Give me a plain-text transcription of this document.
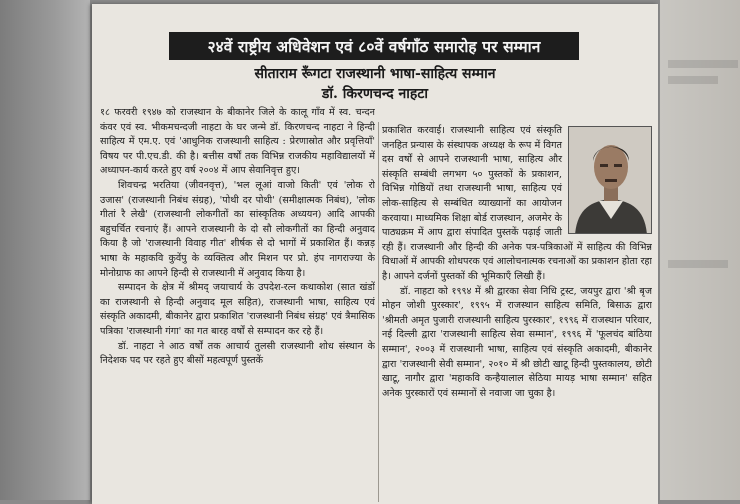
२४वें राष्ट्रीय अधिवेशन एवं ८०वें वर्षगाँठ समारोह पर सम्मान
सीताराम रूँगटा राजस्थानी भाषा-साहित्य सम्मान
डॉ. किरणचन्द नाहटा

१८ फरवरी १९४७ को राजस्थान के बीकानेर जिले के कालू गाँव में स्व. चन्दन कंवर एवं स्व. भीकमचन्दजी नाहटा के घर जन्मे डॉ. किरणचन्द नाहटा ने हिन्दी साहित्य में एम.ए. एवं 'आधुनिक राजस्थानी साहित्य : प्रेरणास्रोत और प्रवृत्तियाँ' विषय पर पी.एच.डी. की है। बत्तीस वर्षों तक विभिन्न राजकीय महाविद्यालयों में अध्यापन-कार्य करते हुए वर्ष २००४ में आप सेवानिवृत्त हुए।

शिवचन्द्र भरतिया (जीवनवृत्त), 'भल लूआं वाजो किती' एवं 'लोक रो उजास' (राजस्थानी निबंध संग्रह), 'पोथी दर पोथी' (समीक्षात्मक निबंध), 'लोक गीतां रै लेखै' (राजस्थानी लोकगीतों का सांस्कृतिक अध्ययन) आदि आपकी बहुचर्चित रचनाएं हैं। आपने राजस्थानी के दो सौ लोकगीतों का हिन्दी अनुवाद किया है जो 'राजस्थानी विवाह गीत' शीर्षक से दो भागों में प्रकाशित हैं। कन्नड़ भाषा के महाकवि कुवेंपु के व्यक्तित्व और मिशन पर प्रो. हंप नागराज्या के मोनोग्राफ का आपने हिन्दी से राजस्थानी में अनुवाद किया है।

सम्पादन के क्षेत्र में श्रीमद् जयाचार्य के उपदेश-रत्न कथाकोश (सात खंडों का राजस्थानी से हिन्दी अनुवाद मूल सहित), राजस्थानी भाषा, साहित्य एवं संस्कृति अकादमी, बीकानेर द्वारा प्रकाशित 'राजस्थानी निबंध संग्रह' एवं त्रैमासिक पत्रिका 'राजस्थानी गंगा' का गत बारह वर्षों से सम्पादन कर रहे हैं।

डॉ. नाहटा ने आठ वर्षों तक आचार्य तुलसी राजस्थानी शोध संस्थान के निदेशक पद पर रहते हुए बीसों महत्वपूर्ण पुस्तकें

प्रकाशित करवाई। राजस्थानी साहित्य एवं संस्कृति जनहित प्रन्यास के संस्थापक अध्यक्ष के रूप में विगत दस वर्षों से आपने राजस्थानी भाषा, साहित्य और संस्कृति सम्बंधी लगभग ५० पुस्तकों के प्रकाशन, विभिन्न गोष्ठियों तथा राजस्थानी भाषा, साहित्य एवं लोक-साहित्य से सम्बंधित व्याख्यानों का आयोजन करवाया। माध्यमिक शिक्षा बोर्ड राजस्थान, अजमेर के पाठ्यक्रम में आप द्वारा संपादित पुस्तकें पढ़ाई जाती रही हैं। राजस्थानी और हिन्दी की अनेक पत्र-पत्रिकाओं में साहित्य की विभिन्न विधाओं में आपकी शोधपरक एवं आलोचनात्मक रचनाओं का प्रकाशन होता रहा है। आपने दर्जनों पुस्तकों की भूमिकाएँ लिखी हैं।

डॉ. नाहटा को १९९४ में श्री द्वारका सेवा निधि ट्रस्ट, जयपुर द्वारा 'श्री बृज मोहन जोशी पुरस्कार', १९९५ में राजस्थान साहित्य समिति, बिसाऊ द्वारा 'श्रीमती अमृत पुजारी राजस्थानी साहित्य पुरस्कार', १९९६ में राजस्थान परिवार, नई दिल्ली द्वारा 'राजस्थानी साहित्य सेवा सम्मान', १९९६ में 'फूलचंद बांठिया सम्मान', २००३ में राजस्थानी भाषा, साहित्य एवं संस्कृति अकादमी, बीकानेर द्वारा 'राजस्थानी सेवी सम्मान', २०१० में श्री छोटी खाटू हिन्दी पुस्तकालय, छोटी खाटू, नागौर द्वारा 'महाकवि कन्हैयालाल सेठिया मायड़ भाषा सम्मान' सहित अनेक पुरस्कारों एवं सम्मानों से नवाजा जा चुका है।
